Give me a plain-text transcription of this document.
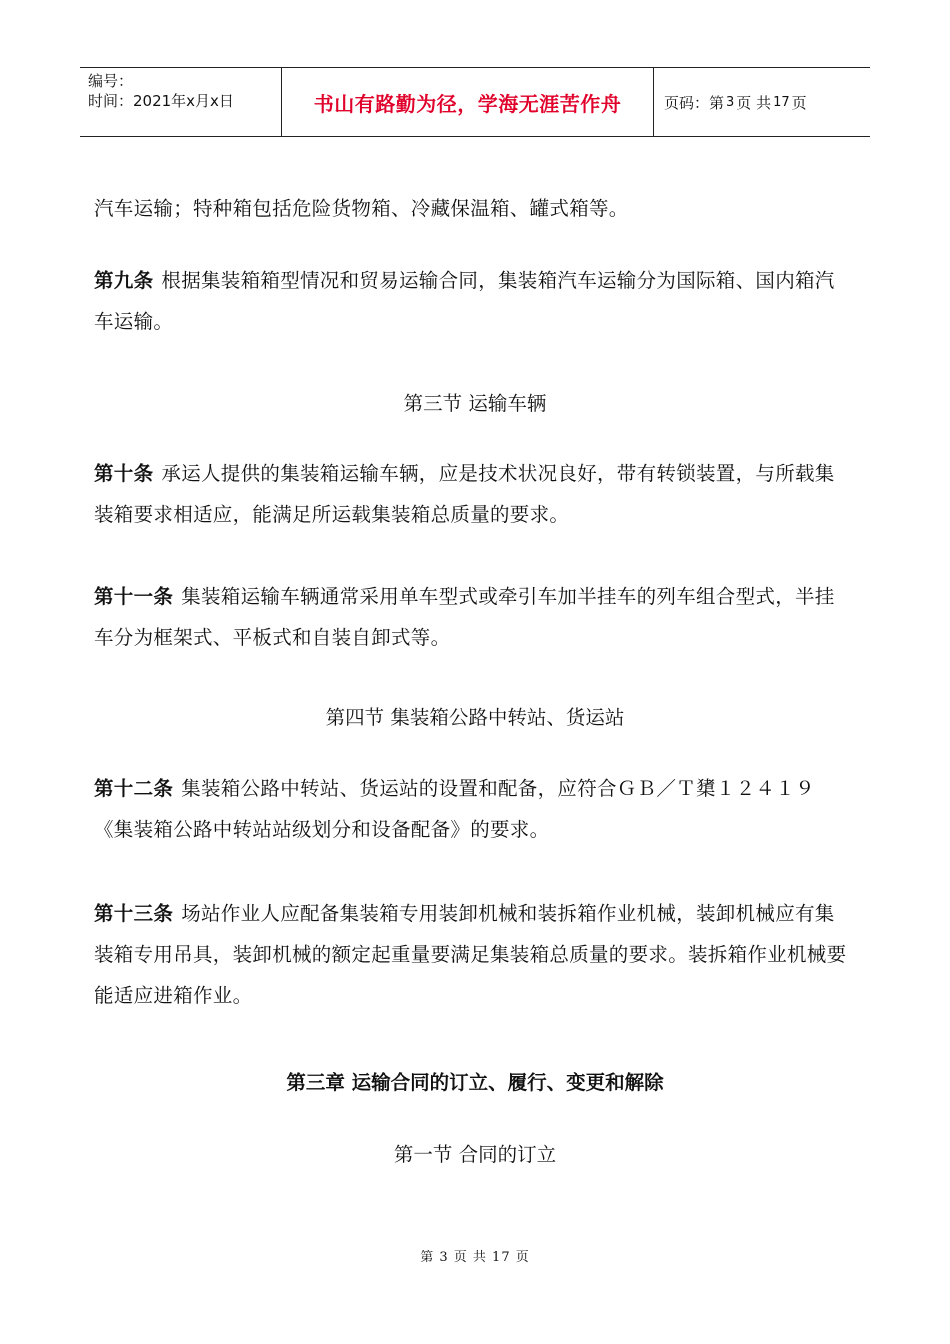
编号：
时间：2021年x月x日	书山有路勤为径，学海无涯苦作舟	页码：第 3 页 共 17 页

汽车运输；特种箱包括危险货物箱、冷藏保温箱、罐式箱等。

第九条 根据集装箱箱型情况和贸易运输合同，集装箱汽车运输分为国际箱、国内箱汽车运输。

第三节 运输车辆

第十条 承运人提供的集装箱运输车辆，应是技术状况良好，带有转锁装置，与所载集装箱要求相适应，能满足所运载集装箱总质量的要求。

第十一条 集装箱运输车辆通常采用单车型式或牵引车加半挂车的列车组合型式，半挂车分为框架式、平板式和自装自卸式等。

第四节 集装箱公路中转站、货运站

第十二条 集装箱公路中转站、货运站的设置和配备，应符合ＧＢ／Ｔ橥１２４１９《集装箱公路中转站站级划分和设备配备》的要求。

第十三条 场站作业人应配备集装箱专用装卸机械和装拆箱作业机械，装卸机械应有集装箱专用吊具，装卸机械的额定起重量要满足集装箱总质量的要求。装拆箱作业机械要能适应进箱作业。

第三章 运输合同的订立、履行、变更和解除

第一节 合同的订立

第 3 页 共 17 页
